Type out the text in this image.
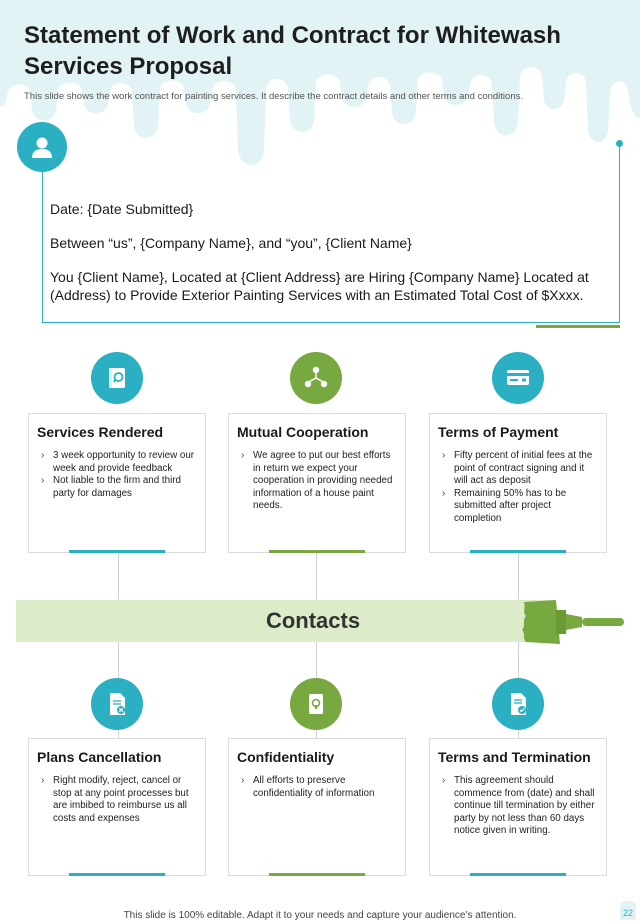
Statement of Work and Contract for Whitewash Services Proposal
This slide shows the work contract for painting services. It describe the contract details and other terms and conditions.

Date: {Date Submitted}

Between “us”, {Company Name}, and “you”, {Client Name}

You {Client Name}, Located at {Client Address} are Hiring {Company Name} Located at (Address) to Provide Exterior Painting Services with an Estimated Total Cost of $Xxxx.

Services Rendered
› 3 week opportunity to review our week and provide feedback
› Not liable to the firm and third party for damages
Mutual Cooperation
› We agree to put our best efforts in return we expect your cooperation in providing needed information of a house paint needs.
Terms of Payment
› Fifty percent of initial fees at the point of contract signing and it will act as deposit
› Remaining 50% has to be submitted after project completion
Contacts
Plans Cancellation
› Right modify, reject, cancel or stop at any point processes but are imbibed to reimburse us all costs and expenses
Confidentiality
› All efforts to preserve confidentiality of information
Terms and Termination
› This agreement should commence from (date) and shall continue till termination by either party by not less than 60 days notice given in writing.
This slide is 100% editable. Adapt it to your needs and capture your audience’s attention.	22
